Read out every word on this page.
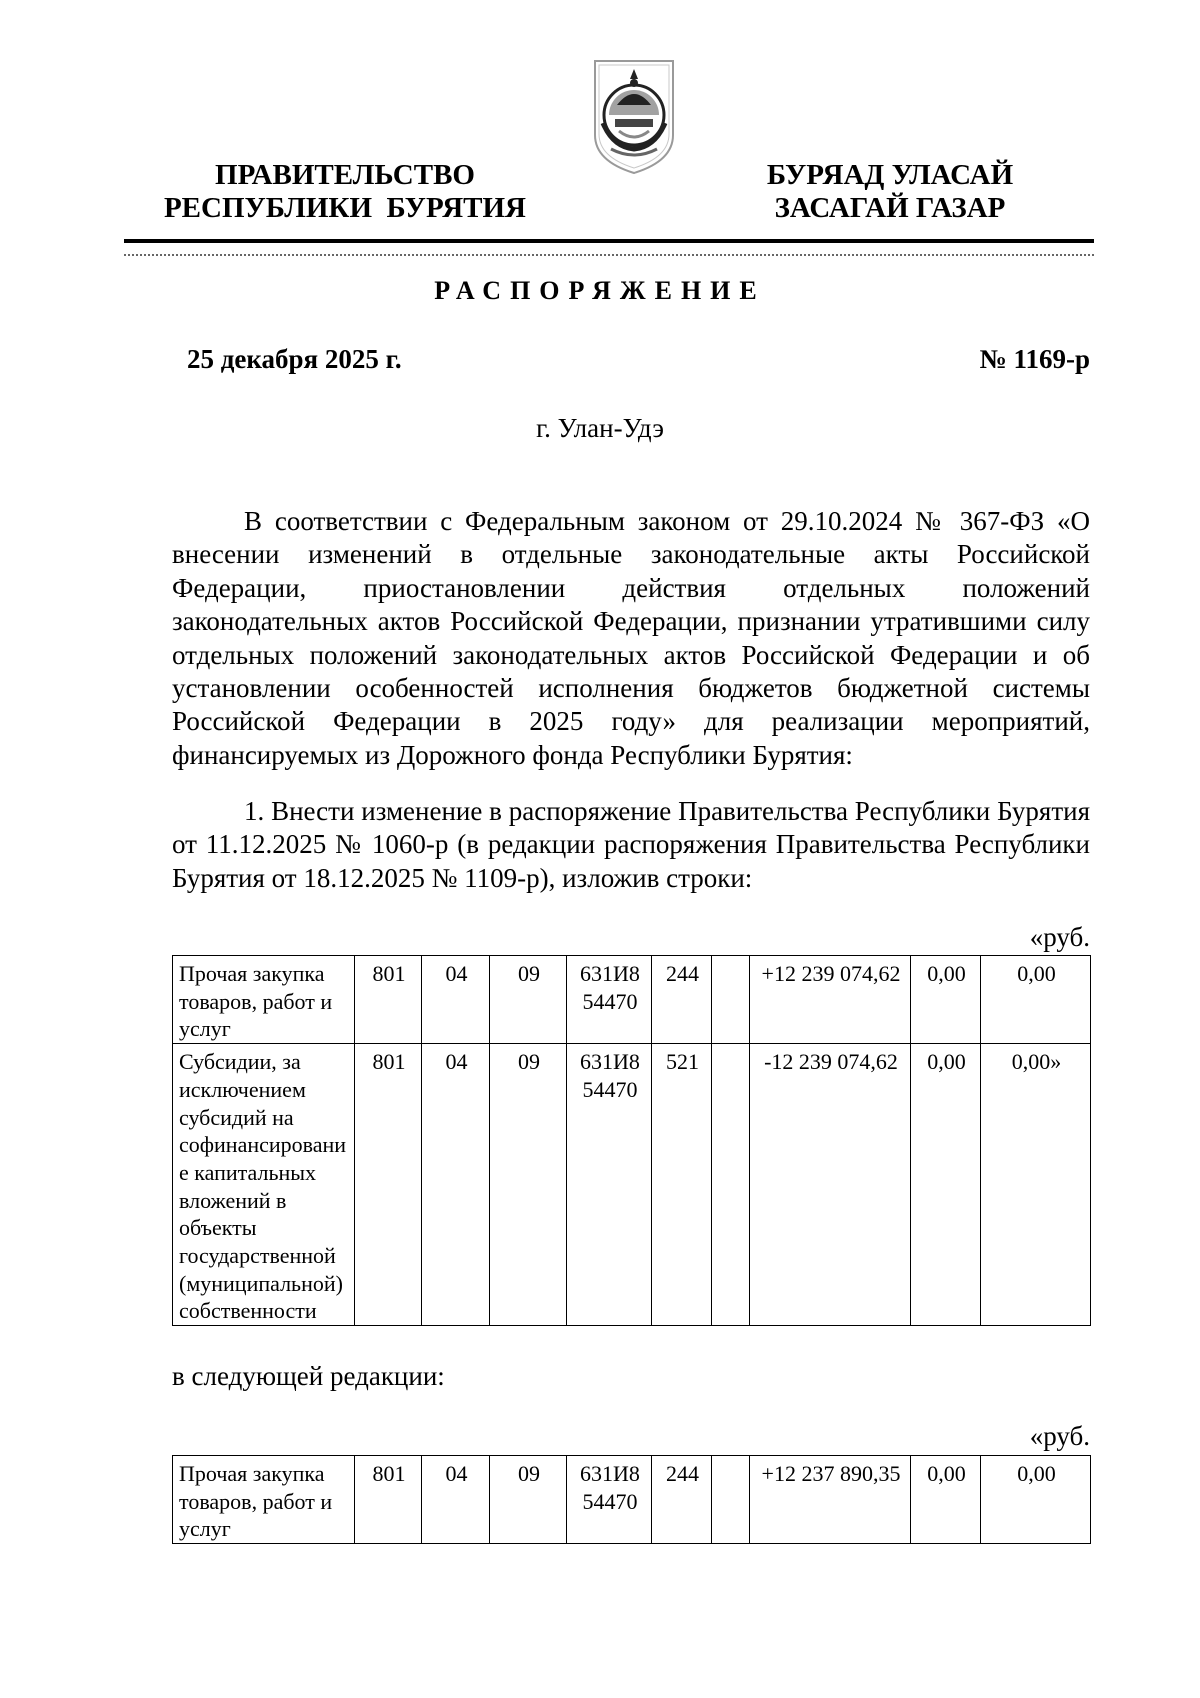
ПРАВИТЕЛЬСТВО
РЕСПУБЛИКИ  БУРЯТИЯ
БУРЯАД УЛАСАЙ
ЗАСАГАЙ ГАЗАР
РАСПОРЯЖЕНИЕ
25 декабря 2025 г.	№ 1169-р
г. Улан-Удэ

В соответствии с Федеральным законом от 29.10.2024 № 367-ФЗ «О внесении изменений в отдельные законодательные акты Российской Федерации, приостановлении действия отдельных положений законодательных актов Российской Федерации, признании утратившими силу отдельных положений законодательных актов Российской Федерации и об установлении особенностей исполнения бюджетов бюджетной системы Российской Федерации в 2025 году» для реализации мероприятий, финансируемых из Дорожного фонда Республики Бурятия:

1. Внести изменение в распоряжение Правительства Республики Бурятия от 11.12.2025 № 1060-р (в редакции распоряжения Правительства Республики Бурятия от 18.12.2025 № 1109-р), изложив строки:

«руб.
Прочая закупка товаров, работ и услуг	801	04	09	631И8 54470	244		+12 239 074,62	0,00	0,00
Субсидии, за исключением субсидий на софинансирование капитальных вложений в объекты государственной (муниципальной) собственности	801	04	09	631И8 54470	521		-12 239 074,62	0,00	0,00»
в следующей редакции:
«руб.
Прочая закупка товаров, работ и услуг	801	04	09	631И8 54470	244		+12 237 890,35	0,00	0,00
